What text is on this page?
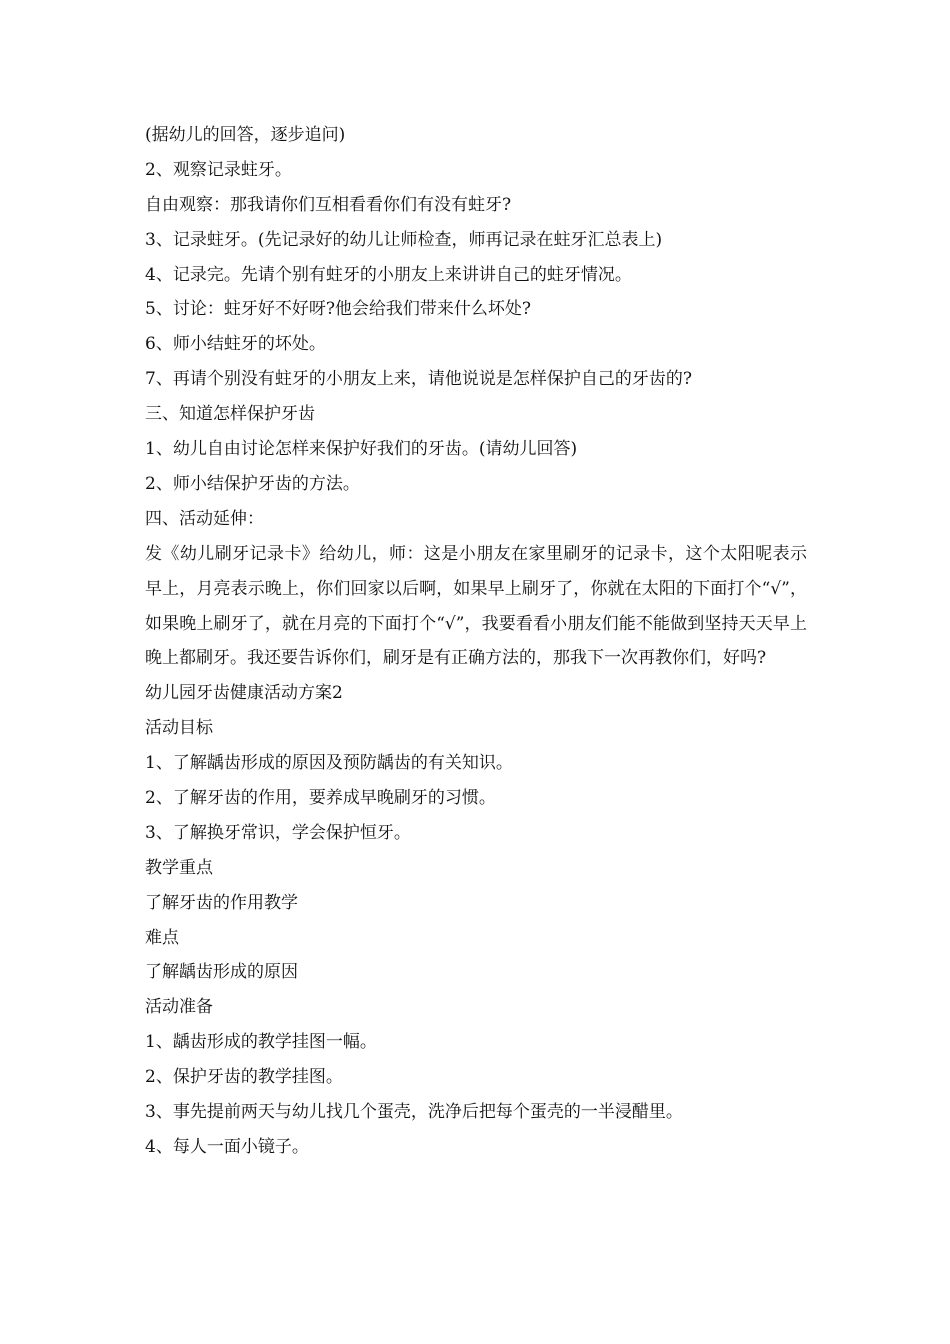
(据幼儿的回答，逐步追问)
2、观察记录蛀牙。
自由观察：那我请你们互相看看你们有没有蛀牙?
3、记录蛀牙。(先记录好的幼儿让师检查，师再记录在蛀牙汇总表上)
4、记录完。先请个别有蛀牙的小朋友上来讲讲自己的蛀牙情况。
5、讨论：蛀牙好不好呀?他会给我们带来什么坏处?
6、师小结蛀牙的坏处。
7、再请个别没有蛀牙的小朋友上来，请他说说是怎样保护自己的牙齿的?
三、知道怎样保护牙齿
1、幼儿自由讨论怎样来保护好我们的牙齿。(请幼儿回答)
2、师小结保护牙齿的方法。
四、活动延伸：

发《幼儿刷牙记录卡》给幼儿，师：这是小朋友在家里刷牙的记录卡，这个太阳呢表示早上，月亮表示晚上，你们回家以后啊，如果早上刷牙了，你就在太阳的下面打个“√”，如果晚上刷牙了，就在月亮的下面打个“√”，我要看看小朋友们能不能做到坚持天天早上晚上都刷牙。我还要告诉你们，刷牙是有正确方法的，那我下一次再教你们，好吗?

幼儿园牙齿健康活动方案2
活动目标
1、了解龋齿形成的原因及预防龋齿的有关知识。
2、了解牙齿的作用，要养成早晚刷牙的习惯。
3、了解换牙常识，学会保护恒牙。
教学重点
了解牙齿的作用教学
难点
了解龋齿形成的原因
活动准备
1、龋齿形成的教学挂图一幅。
2、保护牙齿的教学挂图。
3、事先提前两天与幼儿找几个蛋壳，洗净后把每个蛋壳的一半浸醋里。
4、每人一面小镜子。
